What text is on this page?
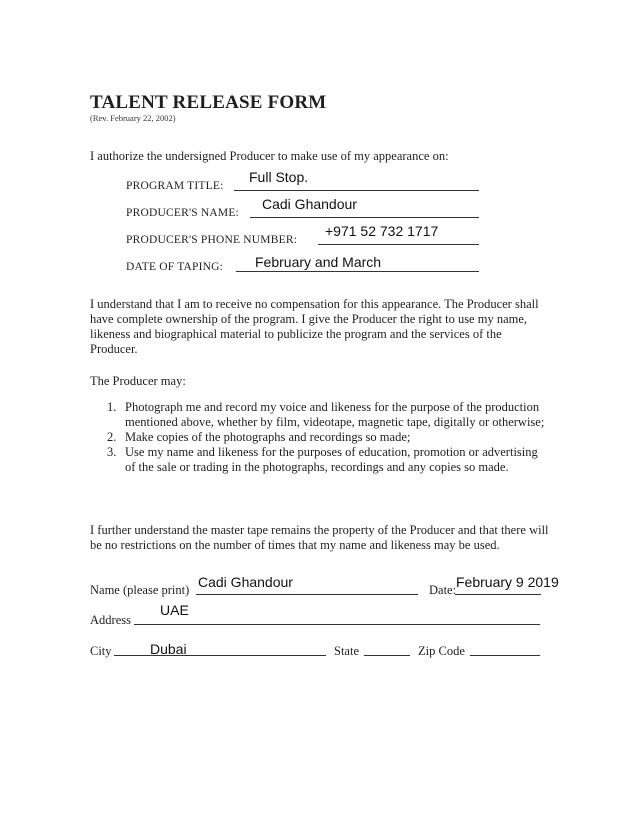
TALENT RELEASE FORM
(Rev. February 22, 2002)
I authorize the undersigned Producer to make use of my appearance on:
PROGRAM TITLE:
Full Stop.
PRODUCER'S NAME:
Cadi Ghandour
PRODUCER'S PHONE NUMBER:
+971 52 732 1717
DATE OF TAPING: February and March
I understand that I am to receive no compensation for this appearance. The Producer shall have complete ownership of the program. I give the Producer the right to use my name, likeness and biographical material to publicize the program and the services of the Producer.
The Producer may:
1. Photograph me and record my voice and likeness for the purpose of the production mentioned above, whether by film, videotape, magnetic tape, digitally or otherwise;
2. Make copies of the photographs and recordings so made;
3. Use my name and likeness for the purposes of education, promotion or advertising of the sale or trading in the photographs, recordings and any copies so made.
I further understand the master tape remains the property of the Producer and that there will be no restrictions on the number of times that my name and likeness may be used.
Name (please print) Cadi Ghandour	Date: February 9 2019
Address
UAE
City	Dubai	State	Zip Code
